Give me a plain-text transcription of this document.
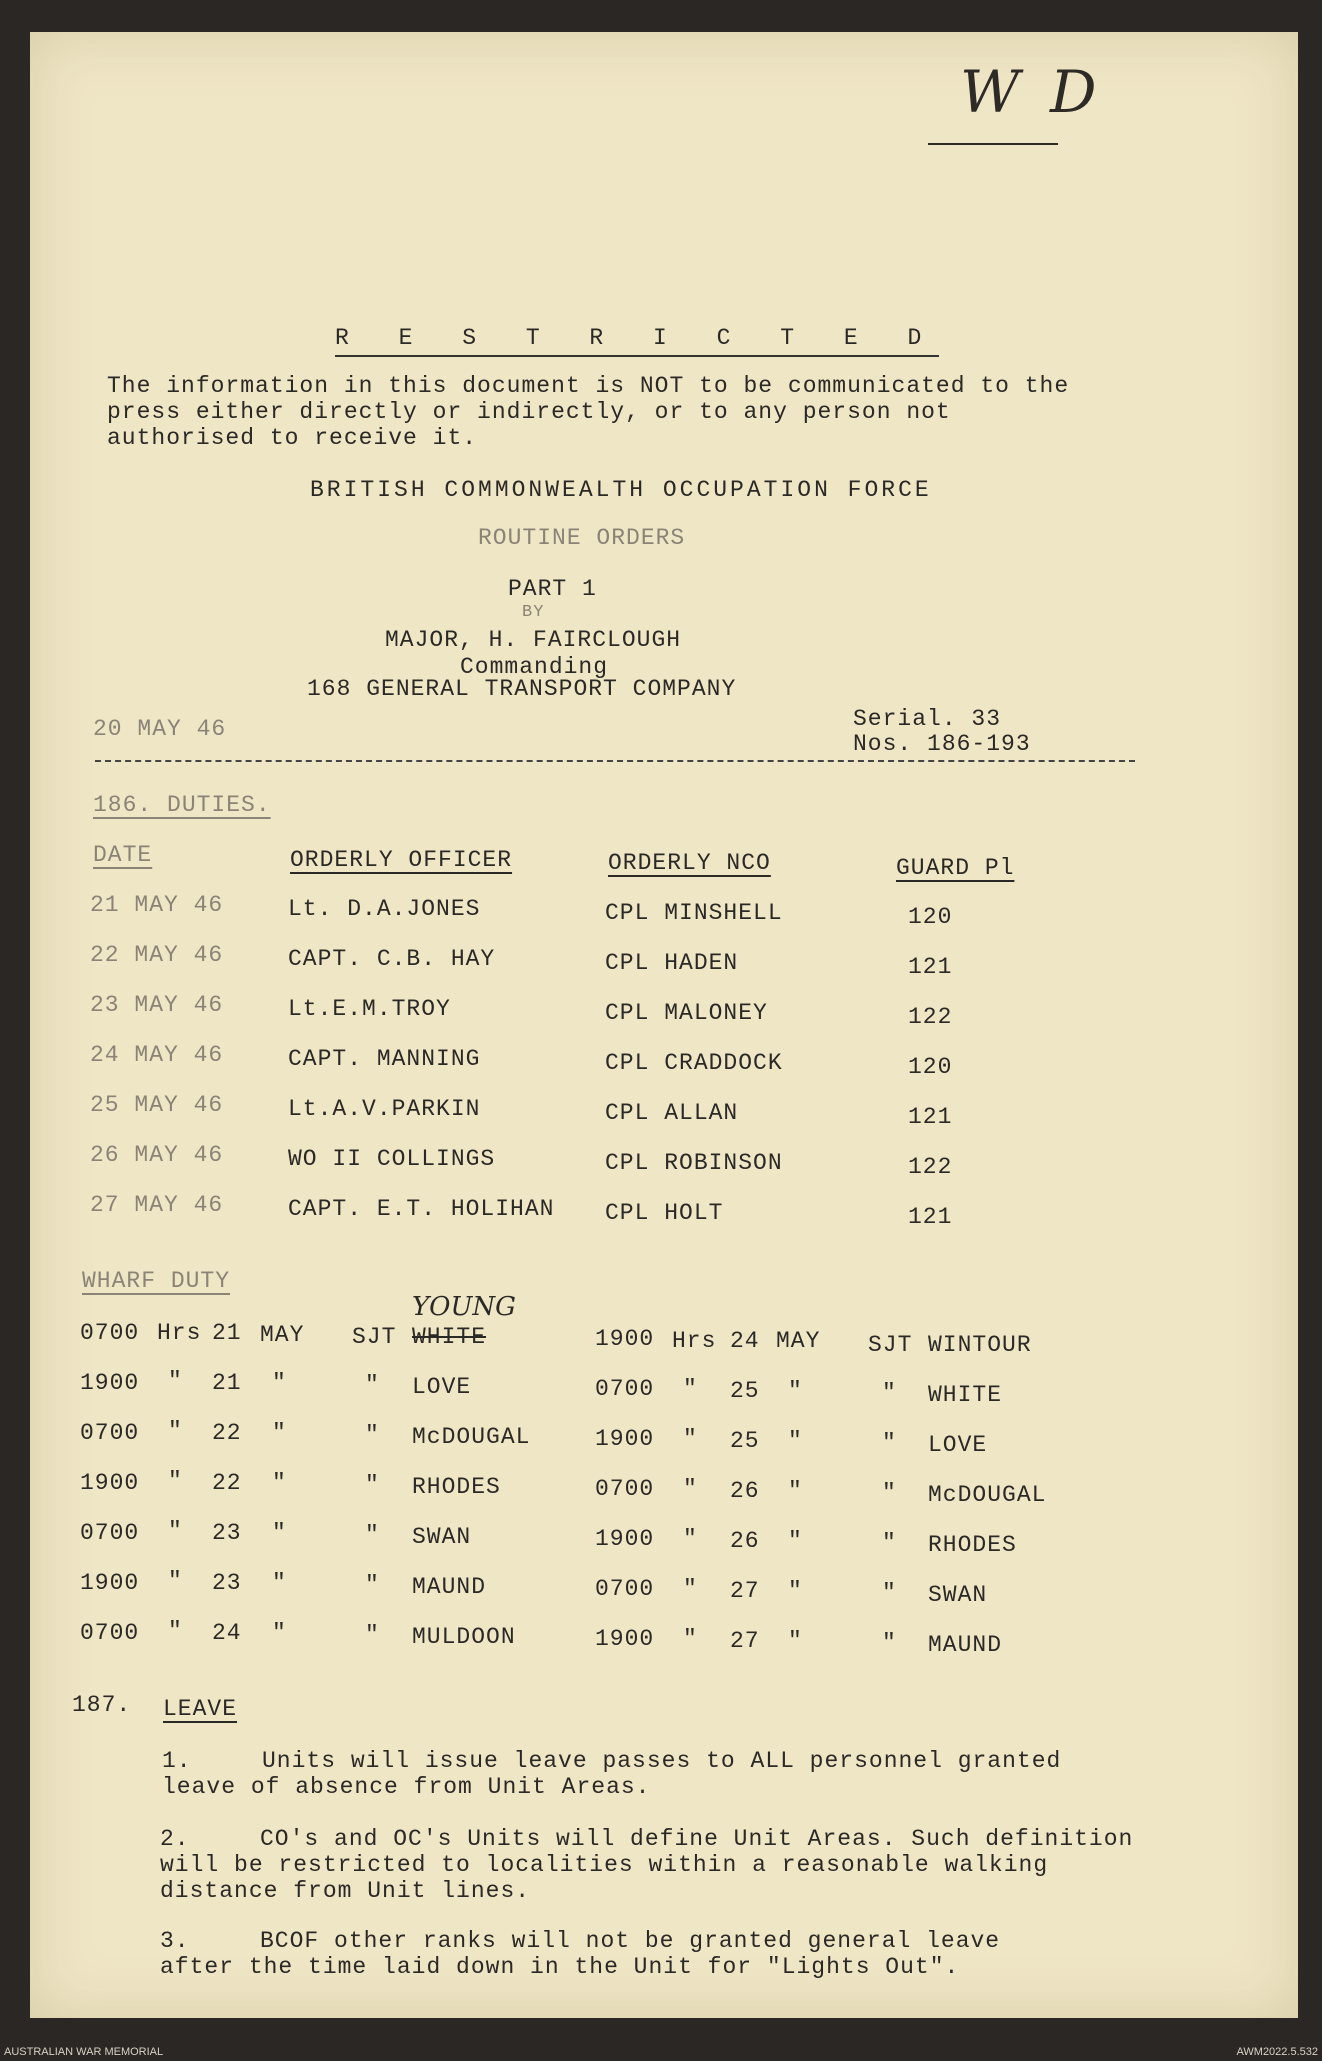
W D
R E S T R I C T E D
The information in this document is NOT to be communicated to the
press either directly or indirectly, or to any person not
authorised to receive it.
BRITISH COMMONWEALTH OCCUPATION FORCE
ROUTINE ORDERS
PART 1
BY
MAJOR, H. FAIRCLOUGH
Commanding
168 GENERAL TRANSPORT COMPANY
20 MAY 46	Serial. 33
Nos. 186-193
186. DUTIES.
DATE	ORDERLY OFFICER	ORDERLY NCO	GUARD Pl
21 MAY 46	Lt. D.A.JONES	CPL MINSHELL	120
22 MAY 46	CAPT. C.B. HAY	CPL HADEN	121
23 MAY 46	Lt.E.M.TROY	CPL MALONEY	122
24 MAY 46	CAPT. MANNING	CPL CRADDOCK	120
25 MAY 46	Lt.A.V.PARKIN	CPL ALLAN	121
26 MAY 46	WO II COLLINGS	CPL ROBINSON	122
27 MAY 46	CAPT. E.T. HOLIHAN CPL HOLT	121
WHARF DUTY
YOUNG
0700 Hrs 21 MAY SJT WHITE	1900 Hrs 24 MAY SJT WINTOUR
1900 " 21 "	" LOVE	0700 " 25 "	" WHITE
0700 " 22 "	" McDOUGAL	1900 " 25 "	" LOVE
1900 " 22 "	" RHODES	0700 " 26 "	" McDOUGAL
0700 " 23 "	" SWAN	1900 " 26 "	" RHODES
1900 " 23 "	" MAUND	0700 " 27 "	" SWAN
0700 " 24 "	" MULDOON	1900 " 27 "	" MAUND
187. LEAVE
1.	Units will issue leave passes to ALL personnel granted leave of absence from Unit Areas.
2.	CO's and OC's Units will define Unit Areas. Such definition will be restricted to localities within a reasonable walking distance from Unit lines.
3.	BCOF other ranks will not be granted general leave after the time laid down in the Unit for "Lights Out".
AUSTRALIAN WAR MEMORIAL	AWM2022.5.532
